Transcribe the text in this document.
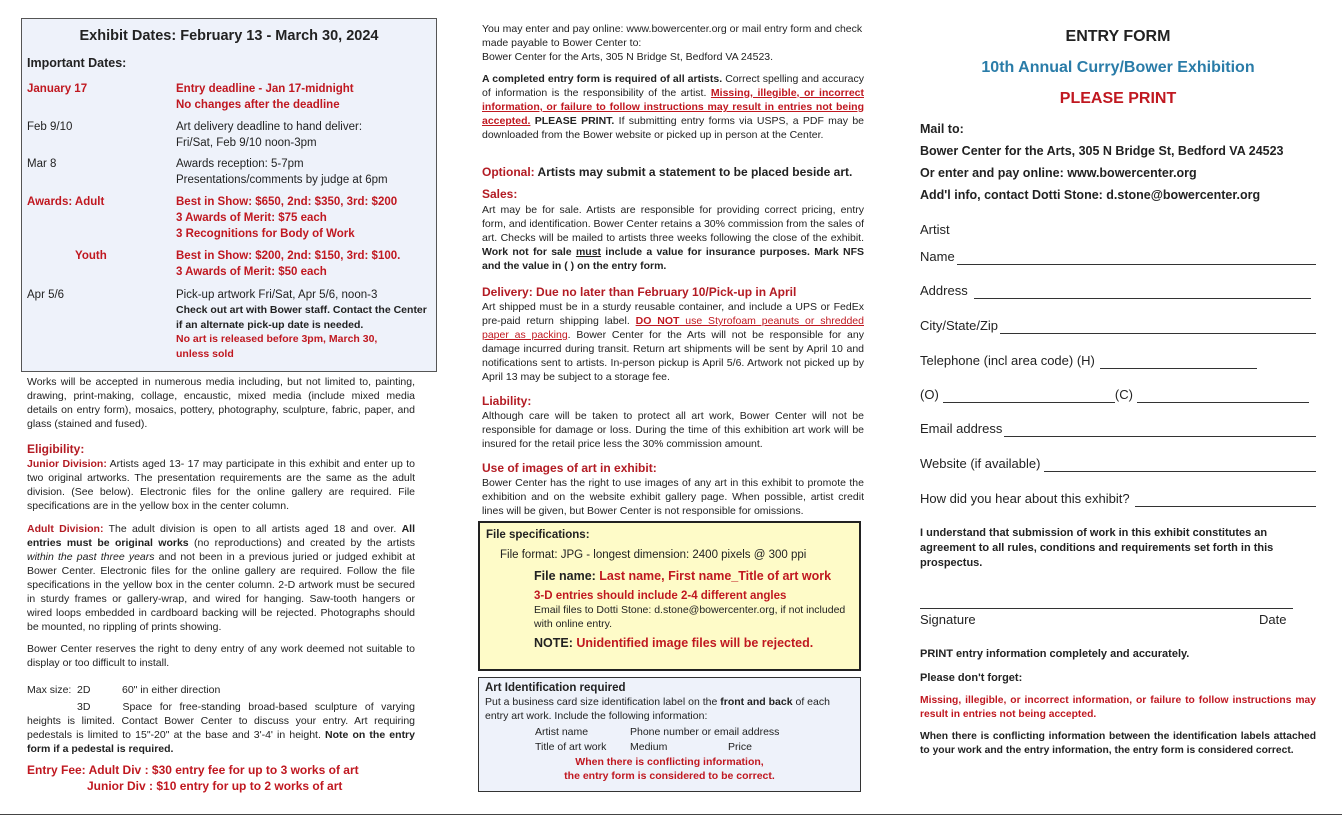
Exhibit Dates: February 13 - March 30, 2024
Important Dates:
January 17	Entry deadline - Jan 17-midnight
No changes after the deadline
Feb 9/10	Art delivery deadline to hand deliver:
Fri/Sat, Feb 9/10 noon-3pm
Mar 8	Awards reception: 5-7pm
Presentations/comments by judge at 6pm
Awards: Adult	Best in Show: $650, 2nd: $350, 3rd: $200
3 Awards of Merit: $75 each
3 Recognitions for Body of Work
Youth	Best in Show: $200, 2nd: $150, 3rd: $100.
3 Awards of Merit: $50 each
Apr 5/6	Pick-up artwork Fri/Sat, Apr 5/6, noon-3
Check out art with Bower staff. Contact the Center
if an alternate pick-up date is needed.
No art is released before 3pm, March 30,
unless sold
Works will be accepted in numerous media including, but not limited to, painting, drawing, print-making, collage, encaustic, mixed media (include mixed media details on entry form), mosaics, pottery, photography, sculpture, fabric, paper, and glass (stained and fused).
Eligibility:
Junior Division: Artists aged 13- 17 may participate in this exhibit and enter up to two original artworks. The presentation requirements are the same as the adult division. (See below). Electronic files for the online gallery are required. File specifications are in the yellow box in the center column.
Adult Division: The adult division is open to all artists aged 18 and over. All entries must be original works (no reproductions) and created by the artists within the past three years and not been in a previous juried or judged exhibit at Bower Center. Electronic files for the online gallery are required. Follow the file specifications in the yellow box in the center column. 2-D artwork must be secured in sturdy frames or gallery-wrap, and wired for hanging. Saw-tooth hangers or wired loops embedded in cardboard backing will be rejected. Photographs should be mounted, no rippling of prints showing.
Bower Center reserves the right to deny entry of any work deemed not suitable to display or too difficult to install.
Max size: 2D	60" in either direction
3D	Space for free-standing broad-based sculpture of varying heights is limited. Contact Bower Center to discuss your entry. Art requiring pedestals is limited to 15"-20" at the base and 3'-4' in height. Note on the entry form if a pedestal is required.
Entry Fee: Adult Div : $30 entry fee for up to 3 works of art
Junior Div : $10 entry for up to 2 works of art
You may enter and pay online: www.bowercenter.org or mail entry form and check made payable to Bower Center to:
Bower Center for the Arts, 305 N Bridge St, Bedford VA 24523.
A completed entry form is required of all artists. Correct spelling and accuracy of information is the responsibility of the artist. Missing, illegible, or incorrect information, or failure to follow instructions may result in entries not being accepted. PLEASE PRINT. If submitting entry forms via USPS, a PDF may be downloaded from the Bower website or picked up in person at the Center.
Optional: Artists may submit a statement to be placed beside art.
Sales:
Art may be for sale. Artists are responsible for providing correct pricing, entry form, and identification. Bower Center retains a 30% commission from the sales of art. Checks will be mailed to artists three weeks following the close of the exhibit. Work not for sale must include a value for insurance purposes. Mark NFS and the value in ( ) on the entry form.
Delivery: Due no later than February 10/Pick-up in April
Art shipped must be in a sturdy reusable container, and include a UPS or FedEx pre-paid return shipping label. DO NOT use Styrofoam peanuts or shredded paper as packing. Bower Center for the Arts will not be responsible for any damage incurred during transit. Return art shipments will be sent by April 10 and notifications sent to artists. In-person pickup is April 5/6. Artwork not picked up by April 13 may be subject to a storage fee.
Liability:
Although care will be taken to protect all art work, Bower Center will not be responsible for damage or loss. During the time of this exhibition art work will be insured for the retail price less the 30% commission amount.
Use of images of art in exhibit:
Bower Center has the right to use images of any art in this exhibit to promote the exhibition and on the website exhibit gallery page. When possible, artist credit lines will be given, but Bower Center is not responsible for omissions.
File specifications:
File format: JPG - longest dimension: 2400 pixels @ 300 ppi
File name: Last name, First name_Title of art work
3-D entries should include 2-4 different angles
Email files to Dotti Stone: d.stone@bowercenter.org, if not included with online entry.
NOTE: Unidentified image files will be rejected.
Art Identification required
Put a business card size identification label on the front and back of each entry art work. Include the following information:
Artist name	Phone number or email address
Title of art work Medium	Price
When there is conflicting information,
the entry form is considered to be correct.
ENTRY FORM
10th Annual Curry/Bower Exhibition
PLEASE PRINT
Mail to:
Bower Center for the Arts, 305 N Bridge St, Bedford VA 24523
Or enter and pay online: www.bowercenter.org
Add'l info, contact Dotti Stone: d.stone@bowercenter.org
Artist
Name
Address
City/State/Zip
Telephone (incl area code) (H)
(O)	(C)
Email address
Website (if available)
How did you hear about this exhibit?
I understand that submission of work in this exhibit constitutes an agreement to all rules, conditions and requirements set forth in this prospectus.
Signature	Date
PRINT entry information completely and accurately.
Please don't forget:
Missing, illegible, or incorrect information, or failure to follow instructions may result in entries not being accepted.
When there is conflicting information between the identification labels attached to your work and the entry information, the entry form is considered correct.
